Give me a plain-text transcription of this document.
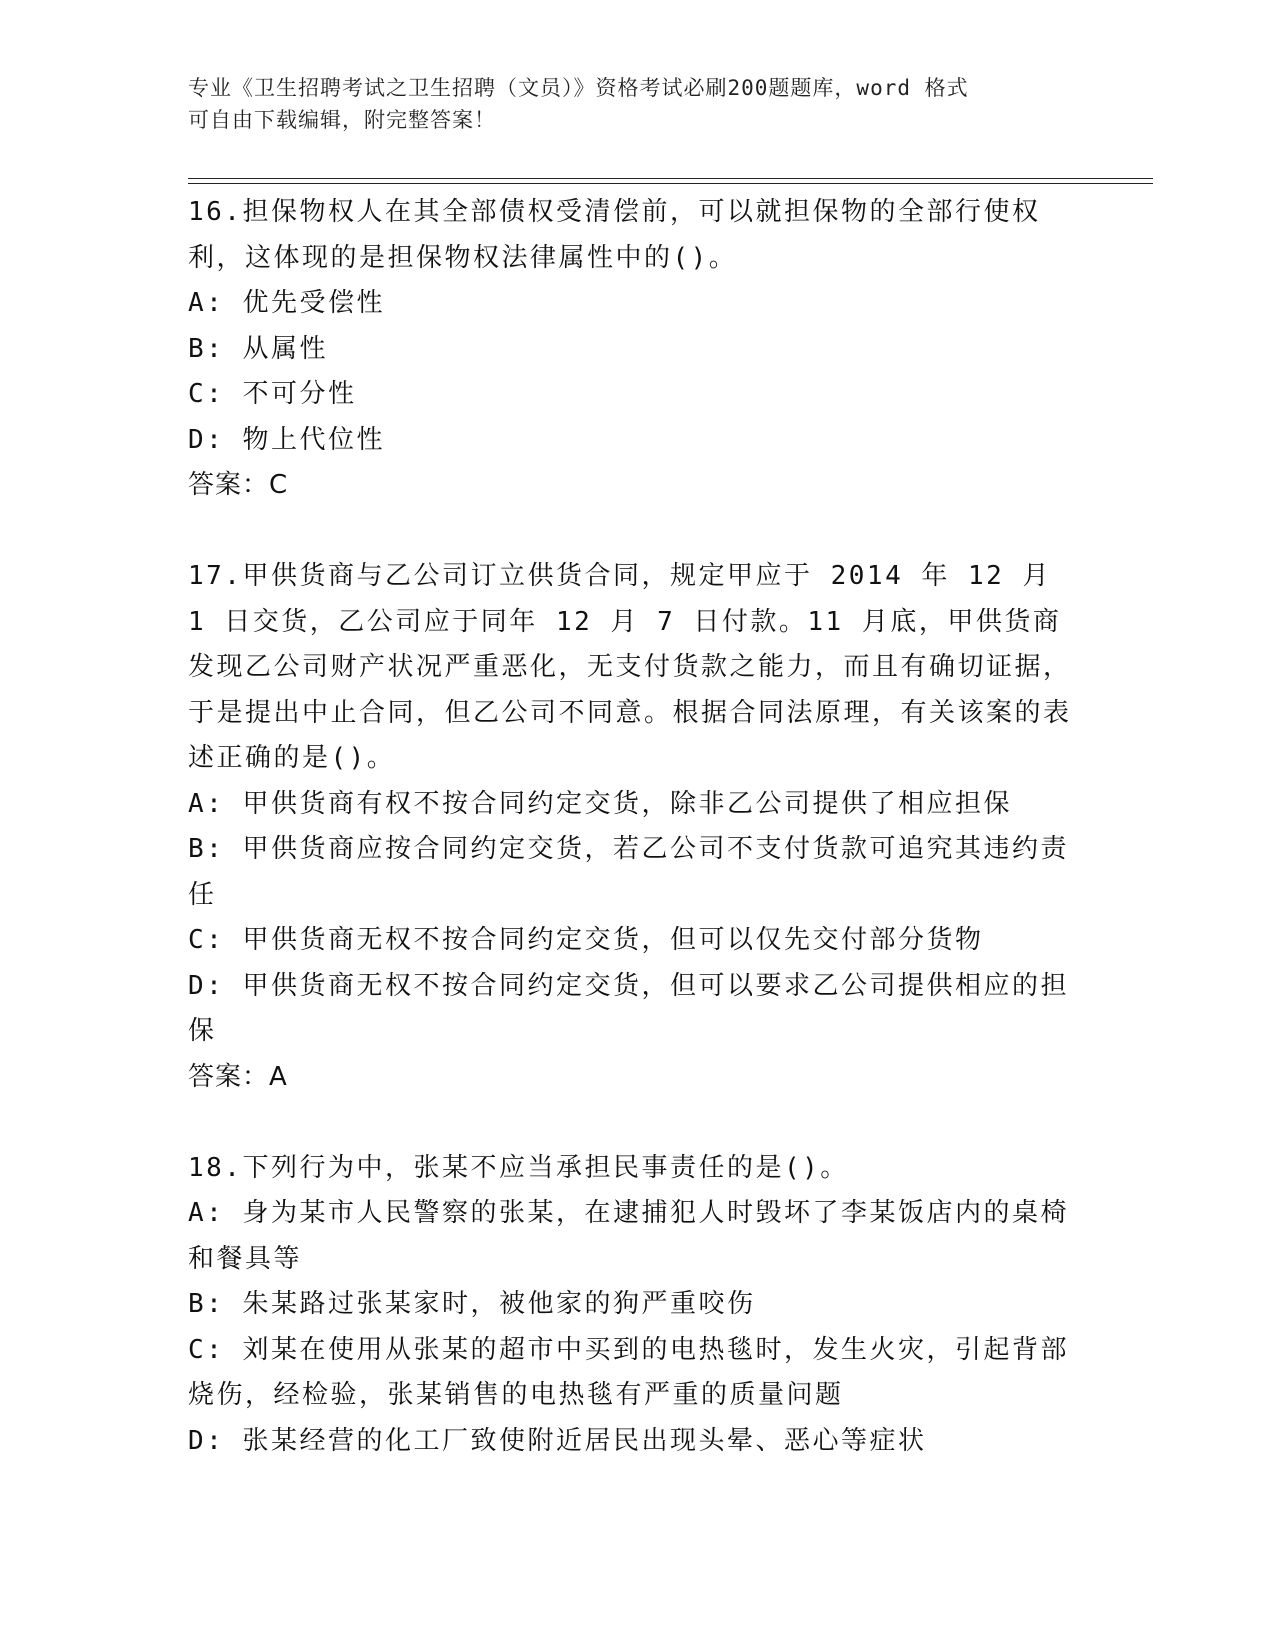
专业《卫生招聘考试之卫生招聘（文员）》资格考试必刷200题题库，word 格式
可自由下载编辑，附完整答案！

16.担保物权人在其全部债权受清偿前，可以就担保物的全部行使权利，这体现的是担保物权法律属性中的()。

A: 优先受偿性

B: 从属性

C: 不可分性

D: 物上代位性

答案：C

17.甲供货商与乙公司订立供货合同，规定甲应于 2014 年 12 月 1 日交货，乙公司应于同年 12 月 7 日付款。11 月底，甲供货商发现乙公司财产状况严重恶化，无支付货款之能力，而且有确切证据，于是提出中止合同，但乙公司不同意。根据合同法原理，有关该案的表述正确的是()。

A: 甲供货商有权不按合同约定交货，除非乙公司提供了相应担保

B: 甲供货商应按合同约定交货，若乙公司不支付货款可追究其违约责任

C: 甲供货商无权不按合同约定交货，但可以仅先交付部分货物

D: 甲供货商无权不按合同约定交货，但可以要求乙公司提供相应的担保

答案：A

18.下列行为中，张某不应当承担民事责任的是()。

A: 身为某市人民警察的张某，在逮捕犯人时毁坏了李某饭店内的桌椅和餐具等

B: 朱某路过张某家时，被他家的狗严重咬伤

C: 刘某在使用从张某的超市中买到的电热毯时，发生火灾，引起背部烧伤，经检验，张某销售的电热毯有严重的质量问题

D: 张某经营的化工厂致使附近居民出现头晕、恶心等症状
